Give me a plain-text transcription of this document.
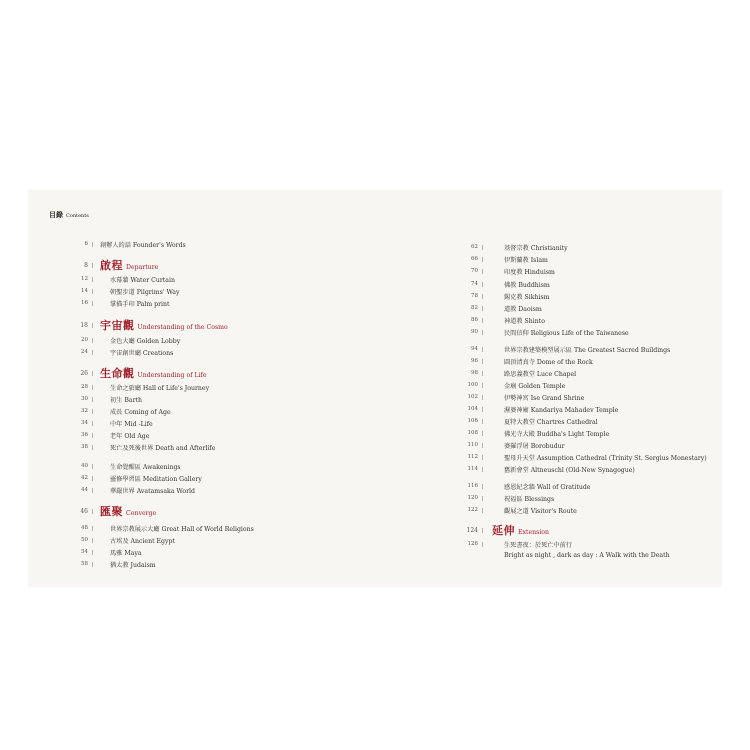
目錄 Contents
6 創辦人的話 Founder's Words
8 啟程 Departure
12	水幕牆 Water Curtain
14	朝聖步道 Pilgrims' Way
16	掌描手印 Palm print
18 宇宙觀 Understanding of the Cosmo
20	金色大廳 Golden Lobby
24	宇宙創世廳 Creations
26 生命觀 Understanding of Life
28	生命之旅廳 Hall of Life's Journey
30	初生 Barth
32	成長 Coming of Age
34	中年 Mid -Life
36	老年 Old Age
38	死亡及死後世界 Death and Afterlife
40	生命覺醒區 Awakenings
42	靈修學習區 Meditation Gallery
44	華嚴世界 Avatamsaka World
46 匯聚 Converge
48	世界宗教展示大廳 Great Hall of World Religions
50	古埃及 Ancient Egypt
54	馬雅 Maya
58	猶太教 Judaism
62	基督宗教 Christianity
66	伊斯蘭教 Islam
70	印度教 Hinduism
74	佛教 Buddhism
78	錫克教 Sikhism
82	道教 Daoism
86	神道教 Shinto
90	民間信仰 Religious Life of the Taiwanese
94	世界宗教建築模型展示區 The Greatest Sacred Buildings
96	圓頂清真寺 Dome of the Rock
98	路思義教堂 Luce Chapel
100	金廟 Golden Temple
102	伊勢神宮 Ise Grand Shrine
104	濕婆神廟 Kandariya Mahadev Temple
106	夏特大教堂 Chartres Cathedral
108	佛光寺大殿 Buddha's Light Temple
110	婆羅浮屠 Borobudur
112	聖母升天堂 Assumption Cathedral (Trinity St. Sergius Monestary)
114	舊新會堂 Altneuschl (Old-New Synagogue)
116	感恩紀念牆 Wall of Gratitude
120	祝福區 Blessings
122	觀展之道 Visitor's Route
124 延伸 Extension
126	生死書夜：於死亡中前行
Bright as night , dark as day : A Walk with the Death
